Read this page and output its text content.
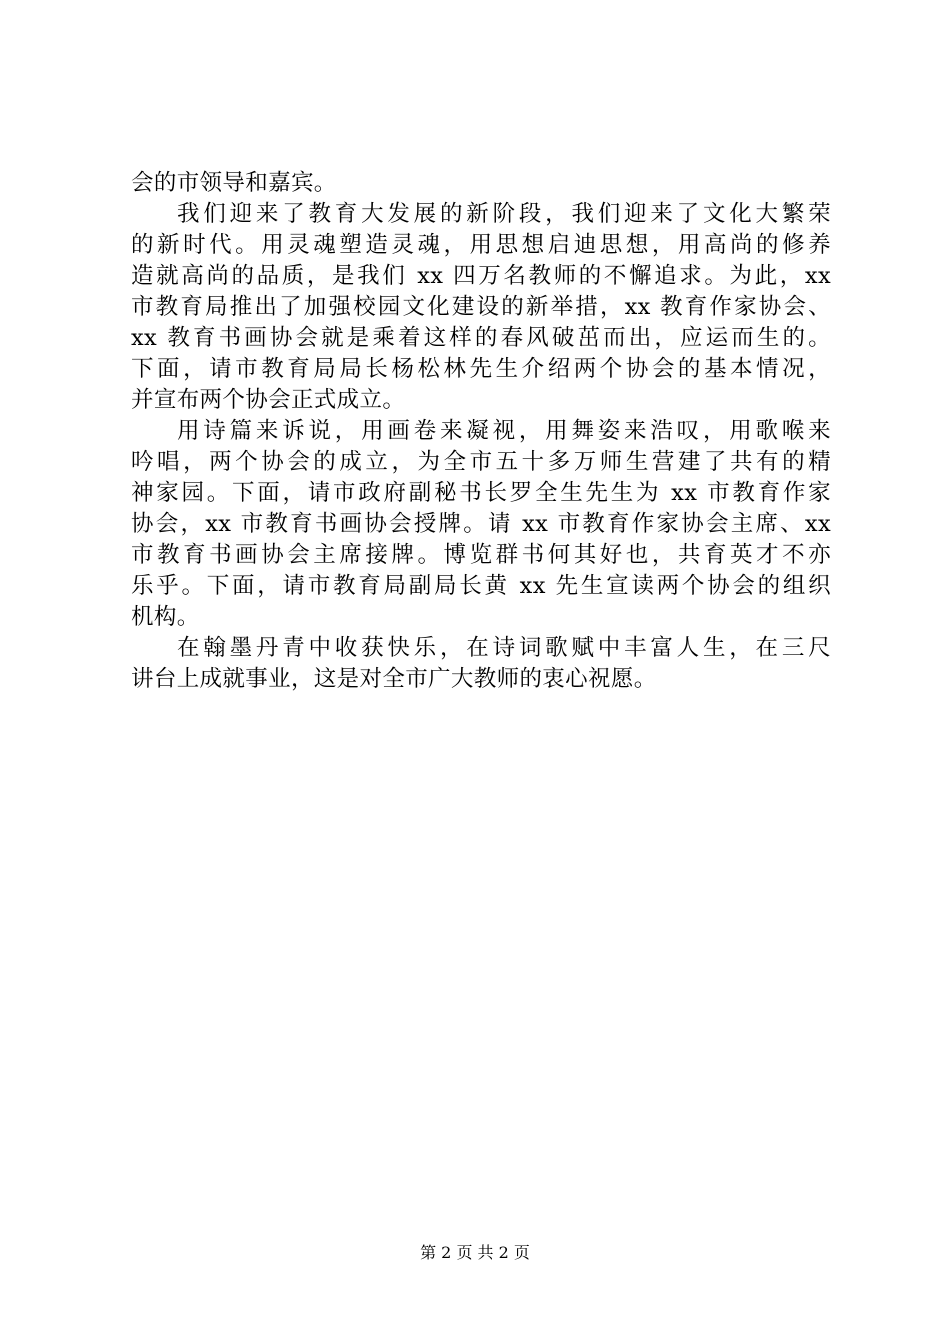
会的市领导和嘉宾。
我们迎来了教育大发展的新阶段，我们迎来了文化大繁荣
的新时代。用灵魂塑造灵魂，用思想启迪思想，用高尚的修养
造就高尚的品质，是我们 xx 四万名教师的不懈追求。为此，xx
市教育局推出了加强校园文化建设的新举措，xx 教育作家协会、
xx 教育书画协会就是乘着这样的春风破茁而出，应运而生的。
下面，请市教育局局长杨松林先生介绍两个协会的基本情况，
并宣布两个协会正式成立。
用诗篇来诉说，用画卷来凝视，用舞姿来浩叹，用歌喉来
吟唱，两个协会的成立，为全市五十多万师生营建了共有的精
神家园。下面，请市政府副秘书长罗全生先生为 xx 市教育作家
协会，xx 市教育书画协会授牌。请 xx 市教育作家协会主席、xx
市教育书画协会主席接牌。博览群书何其好也，共育英才不亦
乐乎。下面，请市教育局副局长黄 xx 先生宣读两个协会的组织
机构。
在翰墨丹青中收获快乐，在诗词歌赋中丰富人生，在三尺
讲台上成就事业，这是对全市广大教师的衷心祝愿。
第 2 页 共 2 页
